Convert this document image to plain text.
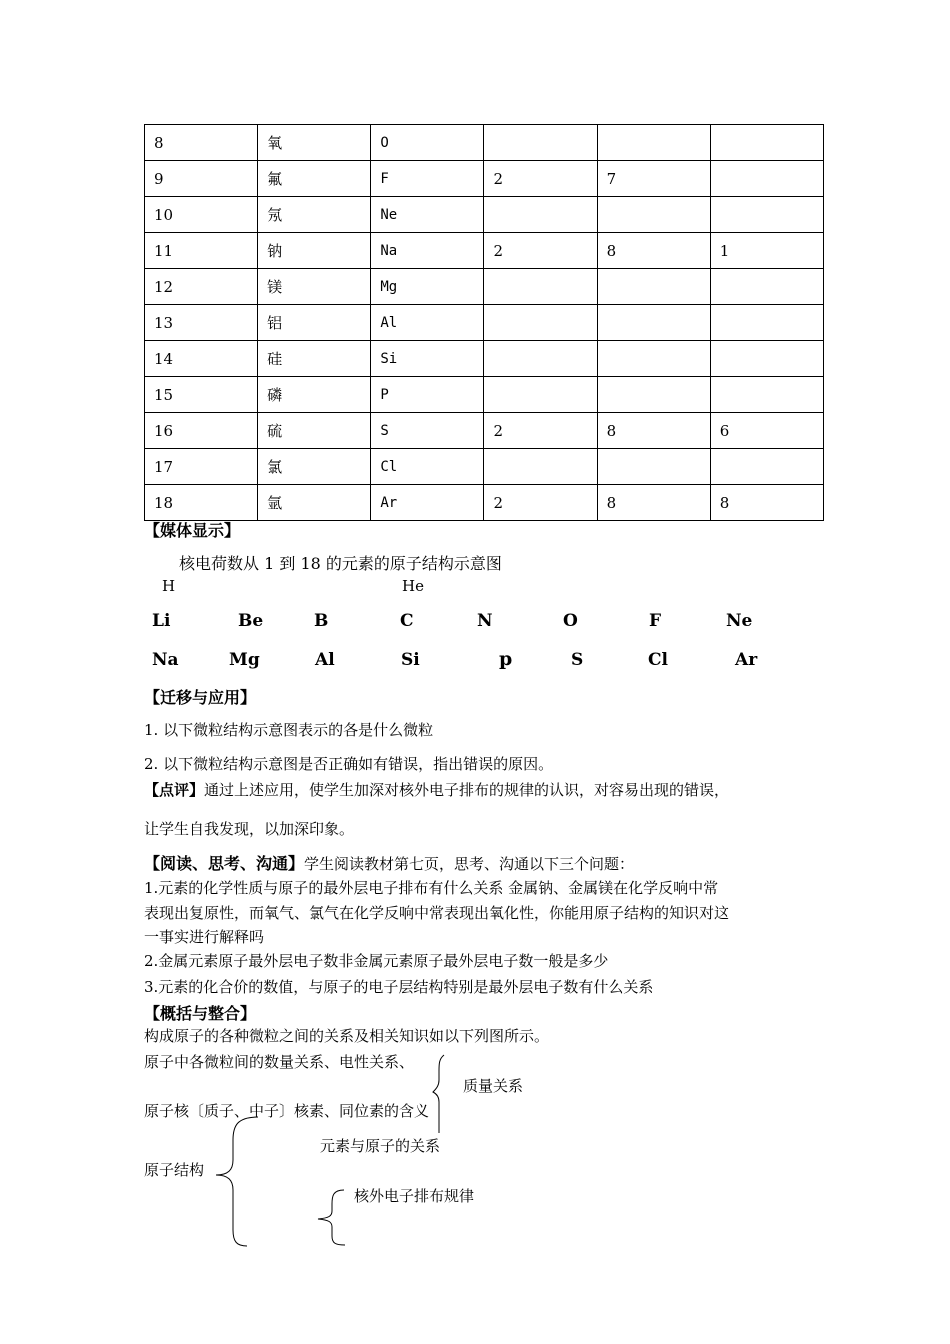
8	氧	O			
9	氟	F	2	7	
10	氖	Ne			
11	钠	Na	2	8	1
12	镁	Mg			
13	铝	Al			
14	硅	Si			
15	磷	P			
16	硫	S	2	8	6
17	氯	Cl			
18	氩	Ar	2	8	8
【媒体显示】
核电荷数从 1 到 18 的元素的原子结构示意图
H	He
Li	Be	B	C	N	O	F	Ne
Na	Mg	Al	Si	p	S	Cl	Ar
【迁移与应用】
1. 以下微粒结构示意图表示的各是什么微粒
2. 以下微粒结构示意图是否正确如有错误，指出错误的原因。
【点评】通过上述应用，使学生加深对核外电子排布的规律的认识，对容易出现的错误，
让学生自我发现，以加深印象。
【阅读、思考、沟通】学生阅读教材第七页，思考、沟通以下三个问题：
1.元素的化学性质与原子的最外层电子排布有什么关系 金属钠、金属镁在化学反响中常
表现出复原性，而氧气、氯气在化学反响中常表现出氧化性，你能用原子结构的知识对这
一事实进行解释吗
2.金属元素原子最外层电子数非金属元素原子最外层电子数一般是多少
3.元素的化合价的数值，与原子的电子层结构特别是最外层电子数有什么关系
【概括与整合】
构成原子的各种微粒之间的关系及相关知识如以下列图所示。
原子中各微粒间的数量关系、电性关系、
质量关系
原子核〔质子、中子〕核素、同位素的含义
元素与原子的关系
原子结构
核外电子排布规律
